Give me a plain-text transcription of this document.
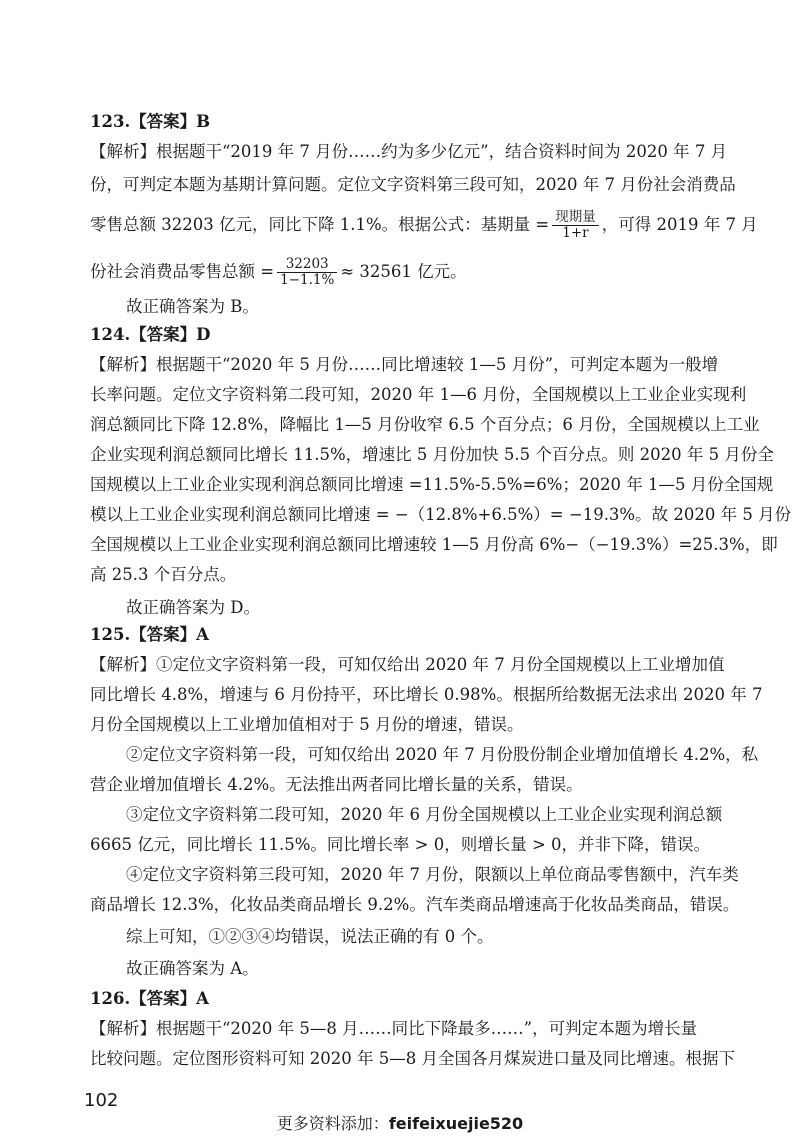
123.【答案】B
【解析】根据题干“2019 年 7 月份……约为多少亿元”，结合资料时间为 2020 年 7 月
份，可判定本题为基期计算问题。定位文字资料第三段可知，2020 年 7 月份社会消费品
零售总额 32203 亿元，同比下降 1.1%。根据公式：基期量 = $\frac{\text{现期量}}{1+r}$ ，可得 2019 年 7 月
份社会消费品零售总额 = $\frac{32203}{1-1.1\%} \approx 32561$ 亿元。
故正确答案为 B。
124.【答案】D
【解析】根据题干“2020 年 5 月份……同比增速较 1—5 月份”，可判定本题为一般增
长率问题。定位文字资料第二段可知，2020 年 1—6 月份，全国规模以上工业企业实现利
润总额同比下降 12.8%，降幅比 1—5 月份收窄 6.5 个百分点；6 月份，全国规模以上工业
企业实现利润总额同比增长 11.5%，增速比 5 月份加快 5.5 个百分点。则 2020 年 5 月份全
国规模以上工业企业实现利润总额同比增速 =11.5%-5.5%=6%；2020 年 1—5 月份全国规
模以上工业企业实现利润总额同比增速 = −（12.8%+6.5%）= −19.3%。故 2020 年 5 月份
全国规模以上工业企业实现利润总额同比增速较 1—5 月份高 6%−（−19.3%）=25.3%，即
高 25.3 个百分点。
故正确答案为 D。
125.【答案】A
【解析】①定位文字资料第一段，可知仅给出 2020 年 7 月份全国规模以上工业增加值
同比增长 4.8%，增速与 6 月份持平，环比增长 0.98%。根据所给数据无法求出 2020 年 7
月份全国规模以上工业增加值相对于 5 月份的增速，错误。
②定位文字资料第一段，可知仅给出 2020 年 7 月份股份制企业增加值增长 4.2%，私
营企业增加值增长 4.2%。无法推出两者同比增长量的关系，错误。
③定位文字资料第二段可知，2020 年 6 月份全国规模以上工业企业实现利润总额
6665 亿元，同比增长 11.5%。同比增长率 > 0，则增长量 > 0，并非下降，错误。
④定位文字资料第三段可知，2020 年 7 月份，限额以上单位商品零售额中，汽车类
商品增长 12.3%，化妆品类商品增长 9.2%。汽车类商品增速高于化妆品类商品，错误。
综上可知，①②③④均错误，说法正确的有 0 个。
故正确答案为 A。
126.【答案】A
【解析】根据题干“2020 年 5—8 月……同比下降最多……”，可判定本题为增长量
比较问题。定位图形资料可知 2020 年 5—8 月全国各月煤炭进口量及同比增速。根据下
102
更多资料添加：feifeixuejie520
